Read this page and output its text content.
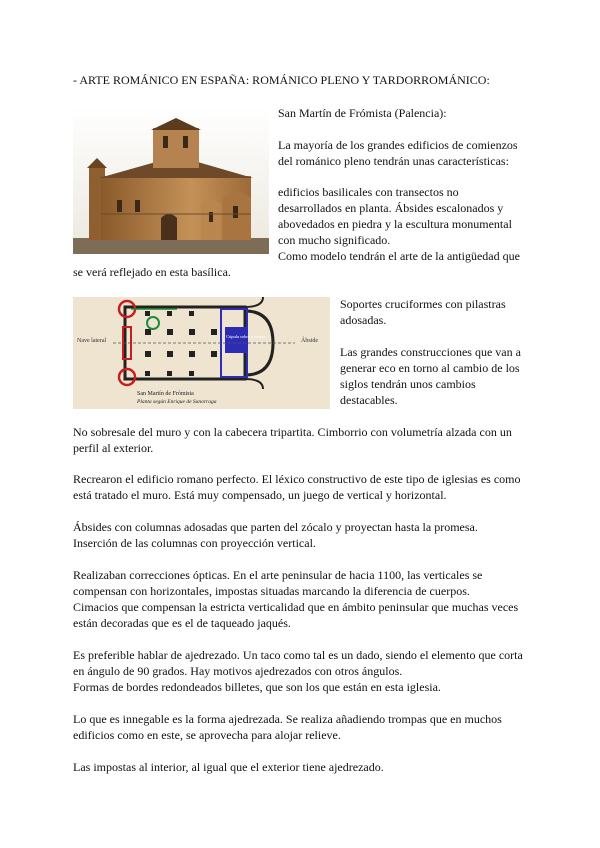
- ARTE ROMÁNICO EN ESPAÑA: ROMÁNICO PLENO Y TARDORROMÁNICO:

San Martín de Frómista (Palencia):

La mayoría de los grandes edificios de comienzos del románico pleno tendrán unas características:

edificios basilicales con transectos no desarrollados en planta. Ábsides escalonados y abovedados en piedra y la escultura monumental con mucho significado.

Como modelo tendrán el arte de la antigüedad que

se verá reflejado en esta basílica.

Nave lateral	Ábside
Cúpula sobre trompas
San Martín de Frómista
Planta según Enrique de Sanorraga

Soportes cruciformes con pilastras adosadas.

Las grandes construcciones que van a generar eco en torno al cambio de los siglos tendrán unos cambios destacables.

No sobresale del muro y con la cabecera tripartita. Cimborrio con volumetría alzada con un perfil al exterior.

Recrearon el edificio romano perfecto. El léxico constructivo de este tipo de iglesias es como está tratado el muro. Está muy compensado, un juego de vertical y horizontal.

Ábsides con columnas adosadas que parten del zócalo y proyectan hasta la promesa.

Inserción de las columnas con proyección vertical.

Realizaban correcciones ópticas. En el arte peninsular de hacia 1100, las verticales se compensan con horizontales, impostas situadas marcando la diferencia de cuerpos.

Cimacios que compensan la estricta verticalidad que en ámbito peninsular que muchas veces están decoradas que es el de taqueado jaqués.

Es preferible hablar de ajedrezado. Un taco como tal es un dado, siendo el elemento que corta en ángulo de 90 grados. Hay motivos ajedrezados con otros ángulos.

Formas de bordes redondeados billetes, que son los que están en esta iglesia.

Lo que es innegable es la forma ajedrezada. Se realiza añadiendo trompas que en muchos edificios como en este, se aprovecha para alojar relieve.

Las impostas al interior, al igual que el exterior tiene ajedrezado.
